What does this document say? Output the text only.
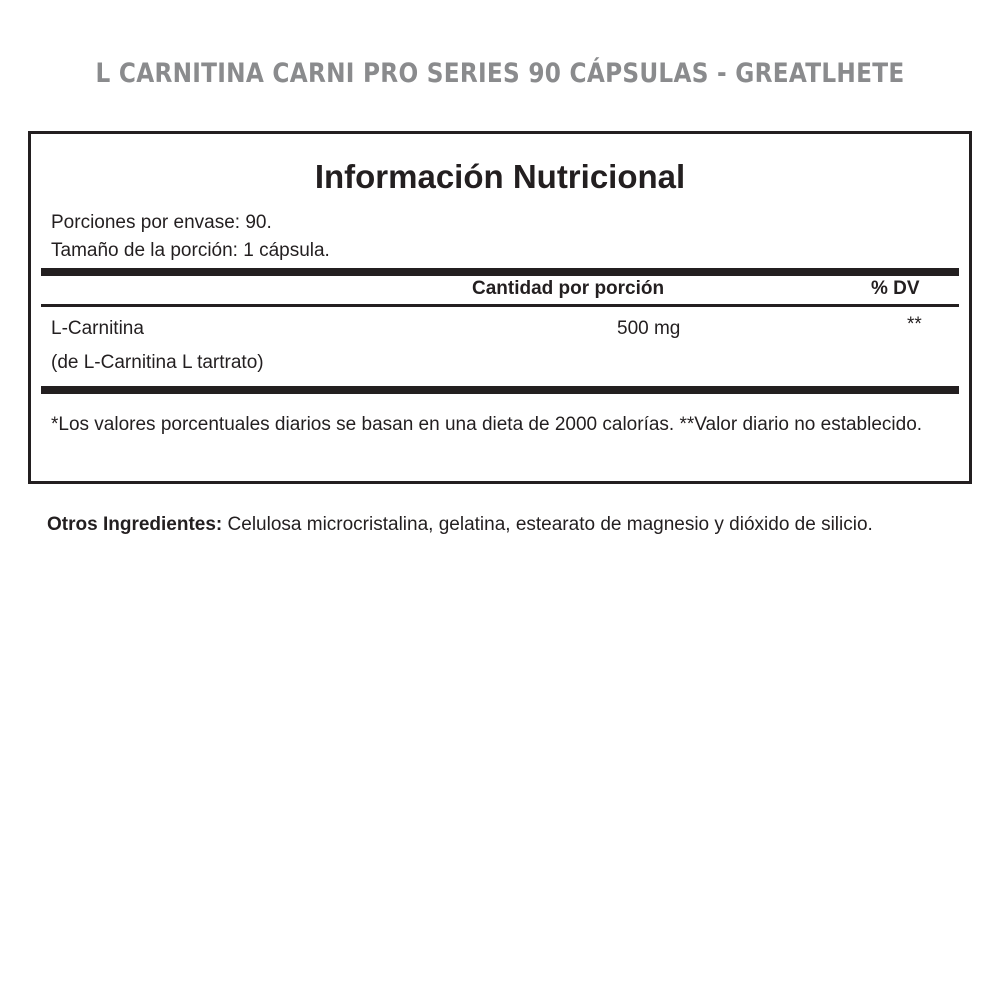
L CARNITINA CARNI PRO SERIES 90 CÁPSULAS - GREATLHETE
Información Nutricional
Porciones por envase: 90.
Tamaño de la porción: 1 cápsula.
Cantidad por porción	% DV
L-Carnitina	500 mg	**
(de L-Carnitina L tartrato)
*Los valores porcentuales diarios se basan en una dieta de 2000 calorías. **Valor diario no establecido.
Otros Ingredientes: Celulosa microcristalina, gelatina, estearato de magnesio y dióxido de silicio.
